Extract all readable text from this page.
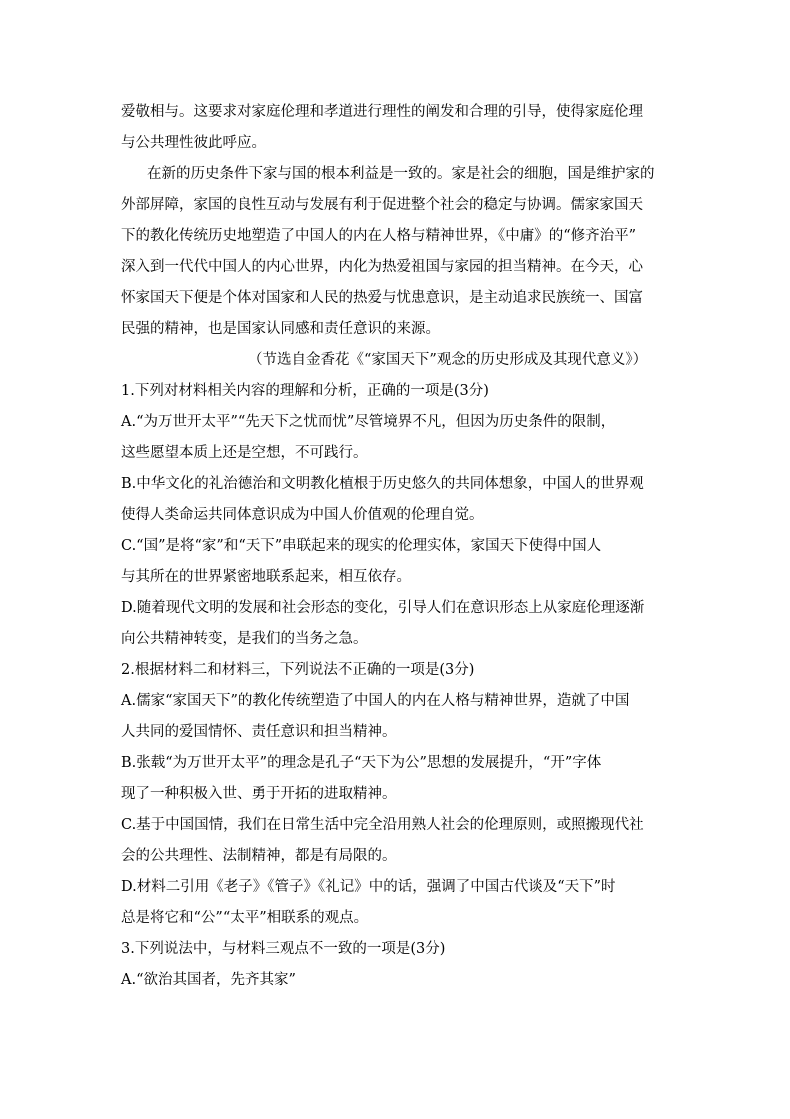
爱敬相与。这要求对家庭伦理和孝道进行理性的阐发和合理的引导，使得家庭伦理
与公共理性彼此呼应。
在新的历史条件下家与国的根本利益是一致的。家是社会的细胞，国是维护家的
外部屏障，家国的良性互动与发展有利于促进整个社会的稳定与协调。儒家家国天
下的教化传统历史地塑造了中国人的内在人格与精神世界，《中庸》的“修齐治平”
深入到一代代中国人的内心世界，内化为热爱祖国与家园的担当精神。在今天，心
怀家国天下便是个体对国家和人民的热爱与忧患意识，是主动追求民族统一、国富
民强的精神，也是国家认同感和责任意识的来源。
（节选自金香花《“家国天下”观念的历史形成及其现代意义》）
1.下列对材料相关内容的理解和分析，正确的一项是(3分)
A.“为万世开太平”“先天下之忧而忧”尽管境界不凡，但因为历史条件的限制，
这些愿望本质上还是空想，不可践行。
B.中华文化的礼治德治和文明教化植根于历史悠久的共同体想象，中国人的世界观
使得人类命运共同体意识成为中国人价值观的伦理自觉。
C.“国”是将“家”和“天下”串联起来的现实的伦理实体，家国天下使得中国人
与其所在的世界紧密地联系起来，相互依存。
D.随着现代文明的发展和社会形态的变化，引导人们在意识形态上从家庭伦理逐渐
向公共精神转变，是我们的当务之急。
2.根据材料二和材料三，下列说法不正确的一项是(3分)
A.儒家“家国天下”的教化传统塑造了中国人的内在人格与精神世界，造就了中国
人共同的爱国情怀、责任意识和担当精神。
B.张载“为万世开太平”的理念是孔子“天下为公”思想的发展提升，“开”字体
现了一种积极入世、勇于开拓的进取精神。
C.基于中国国情，我们在日常生活中完全沿用熟人社会的伦理原则，或照搬现代社
会的公共理性、法制精神，都是有局限的。
D.材料二引用《老子》《管子》《礼记》中的话，强调了中国古代谈及“天下”时
总是将它和“公”“太平”相联系的观点。
3.下列说法中，与材料三观点不一致的一项是(3分)
A.“欲治其国者，先齐其家”
